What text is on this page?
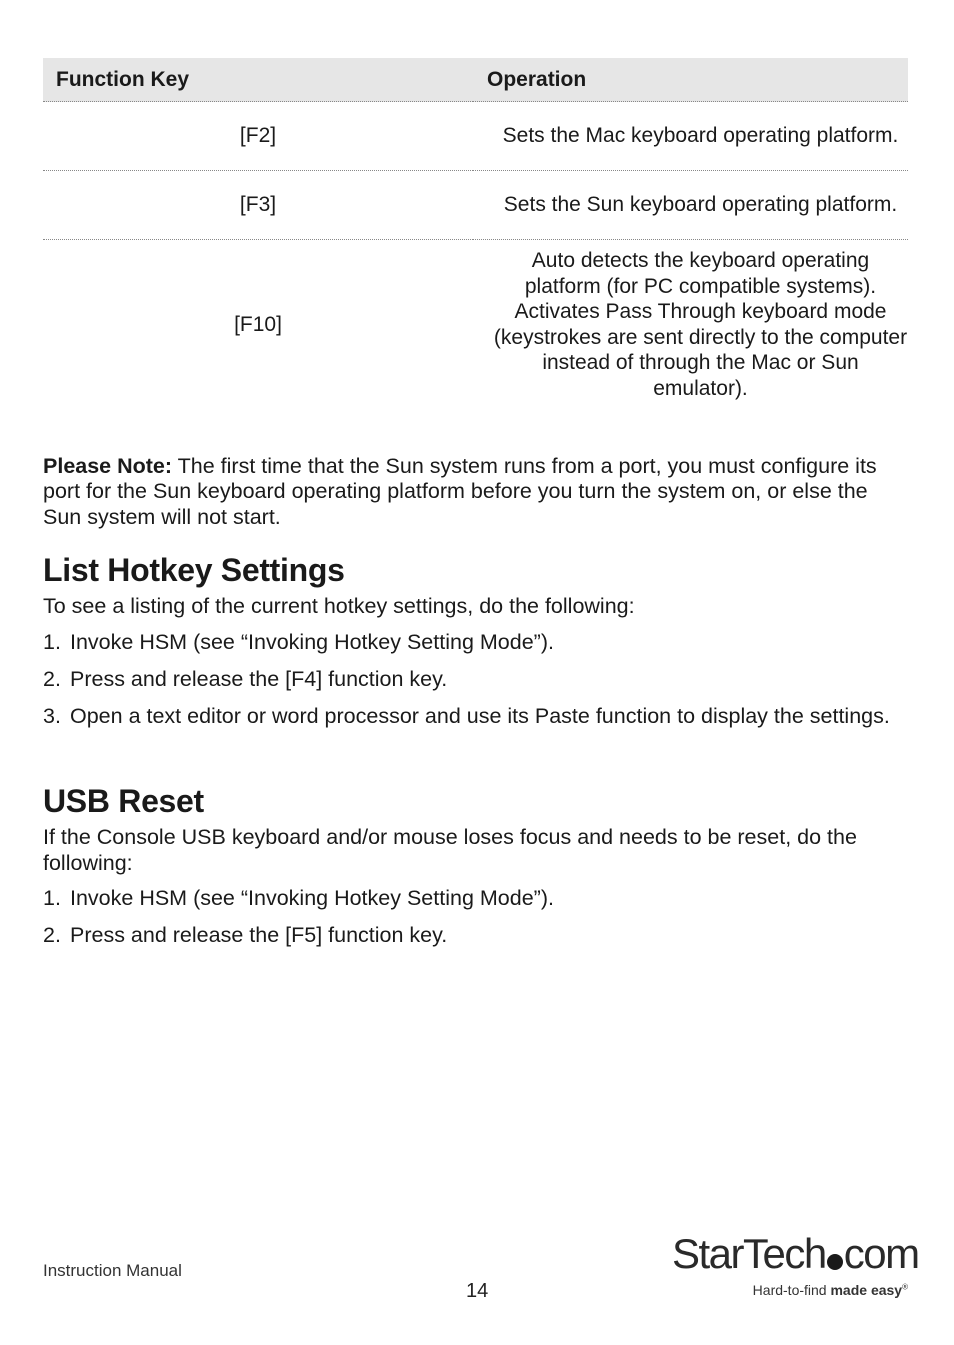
Function Key	Operation
[F2]	Sets the Mac keyboard operating platform.
[F3]	Sets the Sun keyboard operating platform.
[F10]	Auto detects the keyboard operating platform (for PC compatible systems). Activates Pass Through keyboard mode (keystrokes are sent directly to the computer instead of through the Mac or Sun emulator).
Please Note: The first time that the Sun system runs from a port, you must configure its port for the Sun keyboard operating platform before you turn the system on, or else the Sun system will not start.
List Hotkey Settings

To see a listing of the current hotkey settings, do the following:

1. Invoke HSM (see “Invoking Hotkey Setting Mode”).
2. Press and release the [F4] function key.
3. Open a text editor or word processor and use its Paste function to display the settings.
USB Reset

If the Console USB keyboard and/or mouse loses focus and needs to be reset, do the following:

1. Invoke HSM (see “Invoking Hotkey Setting Mode”).
2. Press and release the [F5] function key.
Instruction Manual
14
StarTech com
Hard-to-find made easy®
